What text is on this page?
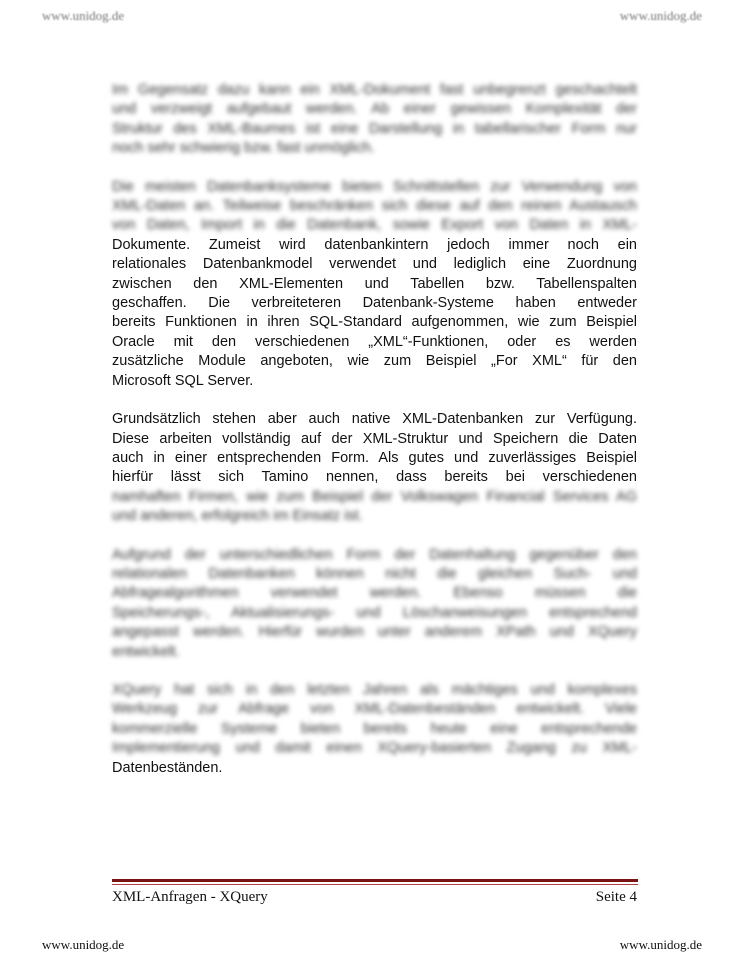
www.unidog.de	www.unidog.de
Im Gegensatz dazu kann ein XML-Dokument fast unbegrenzt geschachtelt
und verzweigt aufgebaut werden. Ab einer gewissen Komplexität der
Struktur des XML-Baumes ist eine Darstellung in tabellarischer Form nur
noch sehr schwierig bzw. fast unmöglich.
Die meisten Datenbanksysteme bieten Schnittstellen zur Verwendung von
XML-Daten an. Teilweise beschränken sich diese auf den reinen Austausch
von Daten, Import in die Datenbank, sowie Export von Daten in XML-
Dokumente. Zumeist wird datenbankintern jedoch immer noch ein
relationales Datenbankmodel verwendet und lediglich eine Zuordnung
zwischen den XML-Elementen und Tabellen bzw. Tabellenspalten
geschaffen. Die verbreiteteren Datenbank-Systeme haben entweder
bereits Funktionen in ihren SQL-Standard aufgenommen, wie zum Beispiel
Oracle mit den verschiedenen „XML“-Funktionen, oder es werden
zusätzliche Module angeboten, wie zum Beispiel „For XML“ für den
Microsoft SQL Server.
Grundsätzlich stehen aber auch native XML-Datenbanken zur Verfügung.
Diese arbeiten vollständig auf der XML-Struktur und Speichern die Daten
auch in einer entsprechenden Form. Als gutes und zuverlässiges Beispiel
hierfür lässt sich Tamino nennen, dass bereits bei verschiedenen
namhaften Firmen, wie zum Beispiel der Volkswagen Financial Services AG
und anderen, erfolgreich im Einsatz ist.
Aufgrund der unterschiedlichen Form der Datenhaltung gegenüber den
relationalen Datenbanken können nicht die gleichen Such- und
Abfragealgorithmen verwendet werden. Ebenso müssen die
Speicherungs-, Aktualisierungs- und Löschanweisungen entsprechend
angepasst werden. Hierfür wurden unter anderem XPath und XQuery
entwickelt.
XQuery hat sich in den letzten Jahren als mächtiges und komplexes
Werkzeug zur Abfrage von XML-Datenbeständen entwickelt. Viele
kommerzielle Systeme bieten bereits heute eine entsprechende
Implementierung und damit einen XQuery-basierten Zugang zu XML-
Datenbeständen.
XML-Anfragen - XQuery	Seite 4
www.unidog.de	www.unidog.de
